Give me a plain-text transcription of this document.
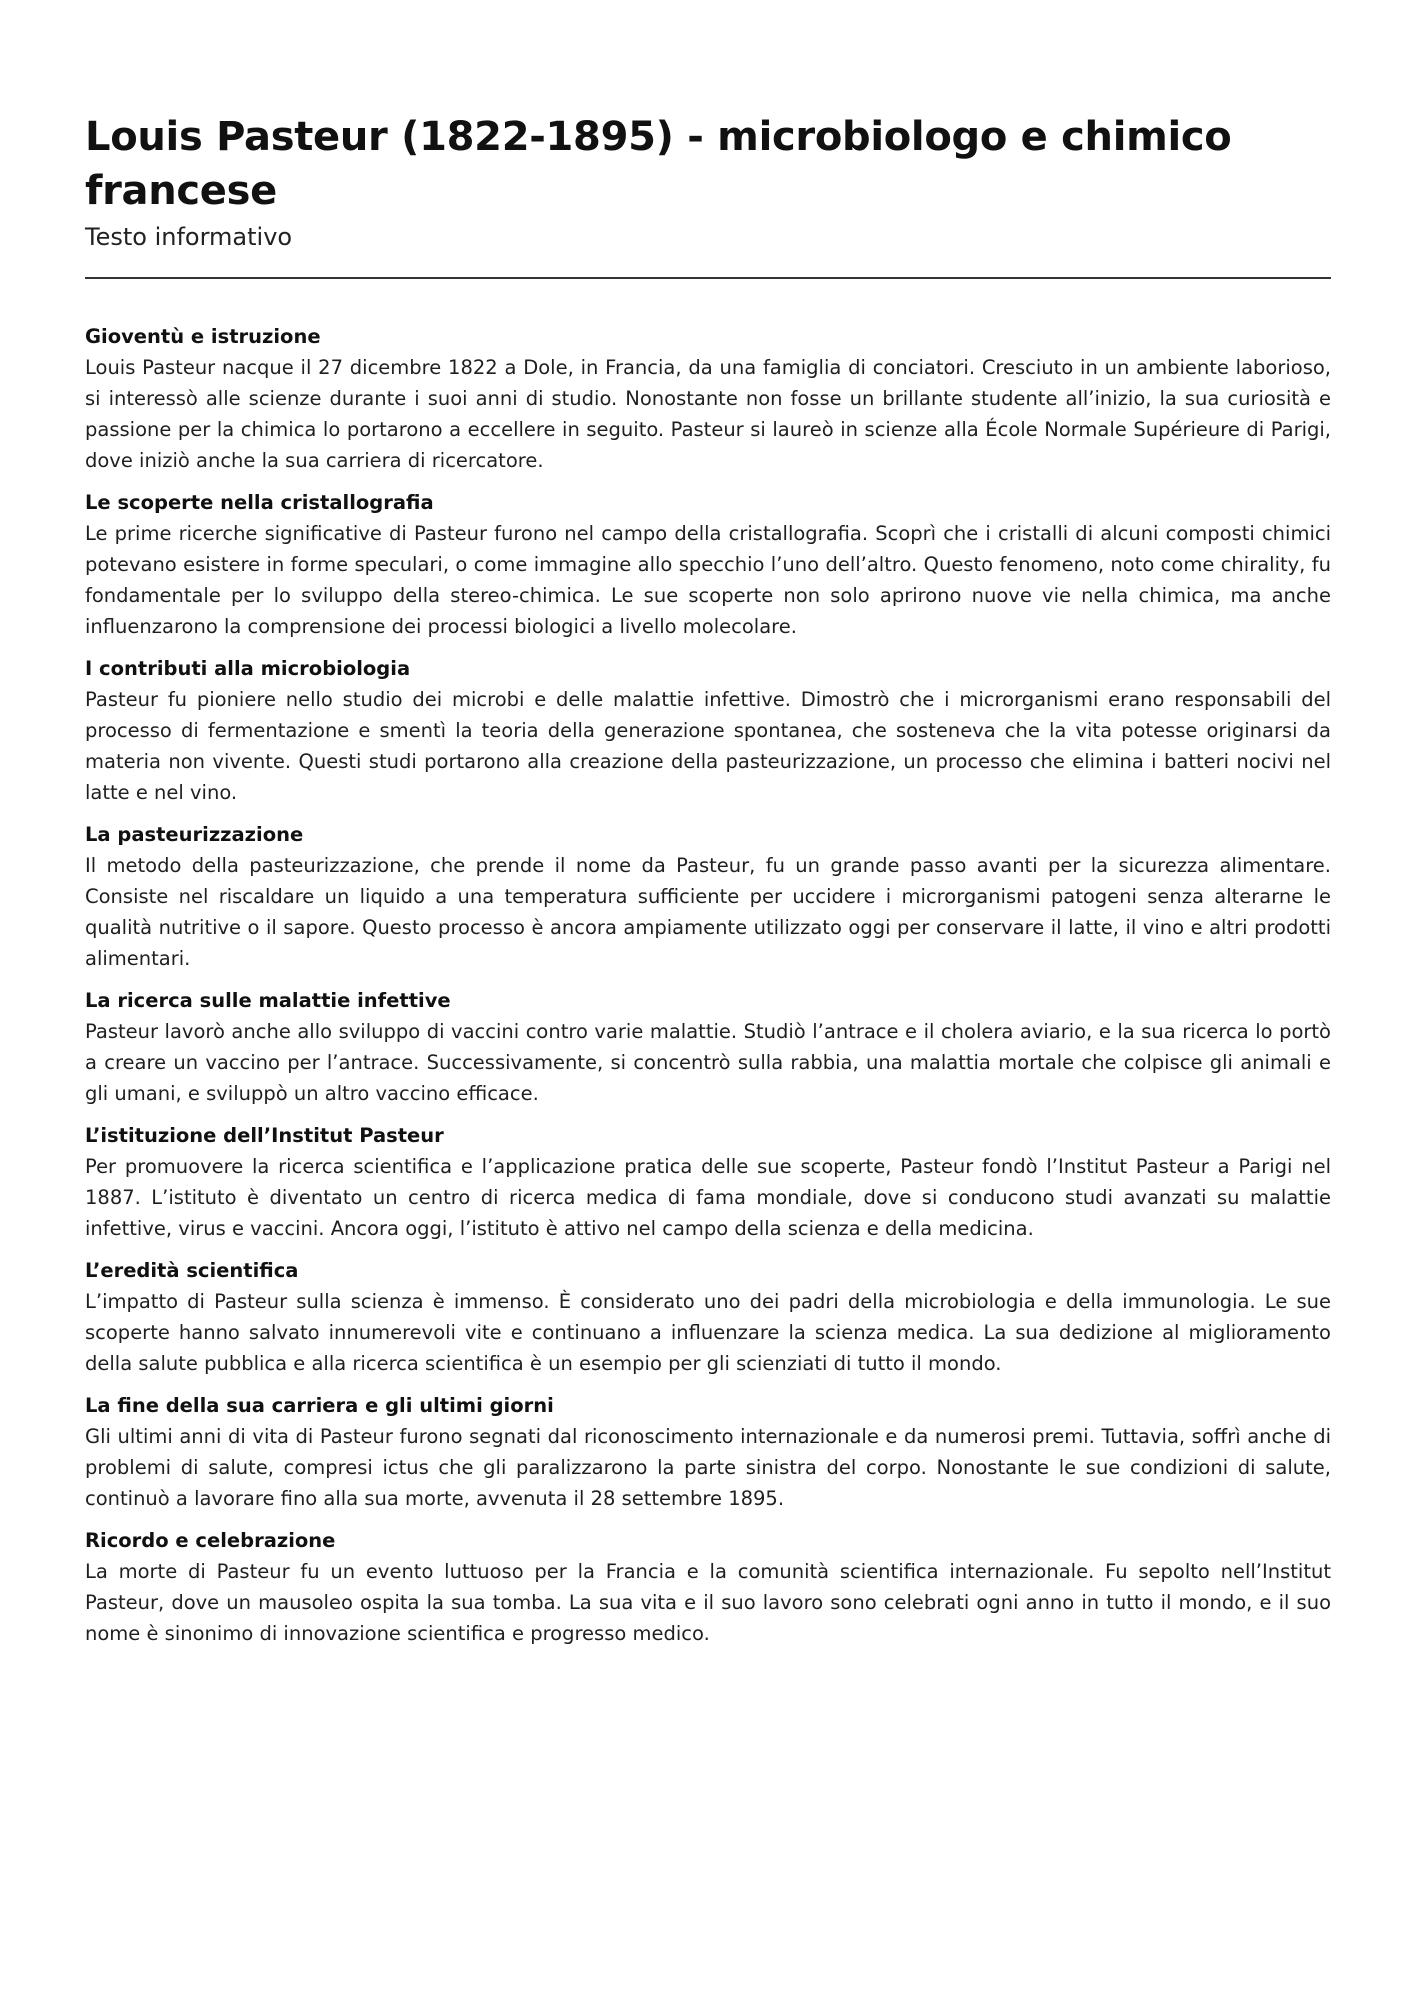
Louis Pasteur (1822-1895) - microbiologo e chimico francese
Testo informativo
Gioventù e istruzione

Louis Pasteur nacque il 27 dicembre 1822 a Dole, in Francia, da una famiglia di conciatori. Cresciuto in un ambiente laborioso, si interessò alle scienze durante i suoi anni di studio. Nonostante non fosse un brillante studente all’inizio, la sua curiosità e passione per la chimica lo portarono a eccellere in seguito. Pasteur si laureò in scienze alla École Normale Supérieure di Parigi, dove iniziò anche la sua carriera di ricercatore.

Le scoperte nella cristallografia

Le prime ricerche significative di Pasteur furono nel campo della cristallografia. Scoprì che i cristalli di alcuni composti chimici potevano esistere in forme speculari, o come immagine allo specchio l’uno dell’altro. Questo fenomeno, noto come chirality, fu fondamentale per lo sviluppo della stereo-chimica. Le sue scoperte non solo aprirono nuove vie nella chimica, ma anche influenzarono la comprensione dei processi biologici a livello molecolare.

I contributi alla microbiologia

Pasteur fu pioniere nello studio dei microbi e delle malattie infettive. Dimostrò che i microrganismi erano responsabili del processo di fermentazione e smentì la teoria della generazione spontanea, che sosteneva che la vita potesse originarsi da materia non vivente. Questi studi portarono alla creazione della pasteurizzazione, un processo che elimina i batteri nocivi nel latte e nel vino.

La pasteurizzazione

Il metodo della pasteurizzazione, che prende il nome da Pasteur, fu un grande passo avanti per la sicurezza alimentare. Consiste nel riscaldare un liquido a una temperatura sufficiente per uccidere i microrganismi patogeni senza alterarne le qualità nutritive o il sapore. Questo processo è ancora ampiamente utilizzato oggi per conservare il latte, il vino e altri prodotti alimentari.

La ricerca sulle malattie infettive

Pasteur lavorò anche allo sviluppo di vaccini contro varie malattie. Studiò l’antrace e il cholera aviario, e la sua ricerca lo portò a creare un vaccino per l’antrace. Successivamente, si concentrò sulla rabbia, una malattia mortale che colpisce gli animali e gli umani, e sviluppò un altro vaccino efficace.

L’istituzione dell’Institut Pasteur

Per promuovere la ricerca scientifica e l’applicazione pratica delle sue scoperte, Pasteur fondò l’Institut Pasteur a Parigi nel 1887. L’istituto è diventato un centro di ricerca medica di fama mondiale, dove si conducono studi avanzati su malattie infettive, virus e vaccini. Ancora oggi, l’istituto è attivo nel campo della scienza e della medicina.

L’eredità scientifica

L’impatto di Pasteur sulla scienza è immenso. È considerato uno dei padri della microbiologia e della immunologia. Le sue scoperte hanno salvato innumerevoli vite e continuano a influenzare la scienza medica. La sua dedizione al miglioramento della salute pubblica e alla ricerca scientifica è un esempio per gli scienziati di tutto il mondo.

La fine della sua carriera e gli ultimi giorni

Gli ultimi anni di vita di Pasteur furono segnati dal riconoscimento internazionale e da numerosi premi. Tuttavia, soffrì anche di problemi di salute, compresi ictus che gli paralizzarono la parte sinistra del corpo. Nonostante le sue condizioni di salute, continuò a lavorare fino alla sua morte, avvenuta il 28 settembre 1895.

Ricordo e celebrazione

La morte di Pasteur fu un evento luttuoso per la Francia e la comunità scientifica internazionale. Fu sepolto nell’Institut Pasteur, dove un mausoleo ospita la sua tomba. La sua vita e il suo lavoro sono celebrati ogni anno in tutto il mondo, e il suo nome è sinonimo di innovazione scientifica e progresso medico.
